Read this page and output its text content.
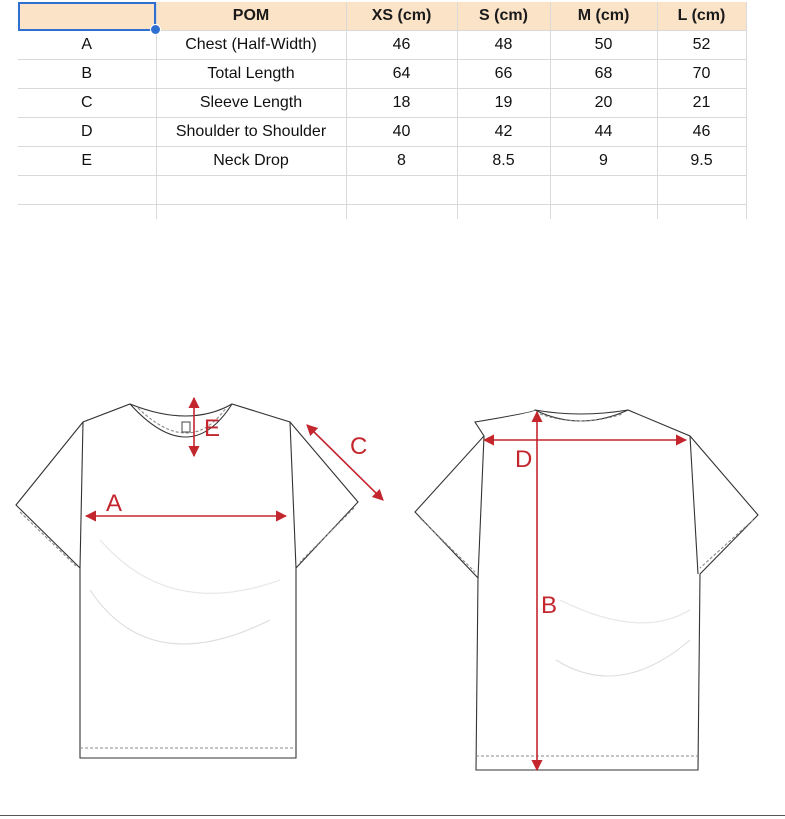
	POM	XS (cm)	S (cm)	M (cm)	L (cm)
A	Chest (Half-Width)	46	48	50	52
B	Total Length	64	66	68	70
C	Sleeve Length	18	19	20	21
D	Shoulder to Shoulder	40	42	44	46
E	Neck Drop	8	8.5	9	9.5

A
E
C	D
B
